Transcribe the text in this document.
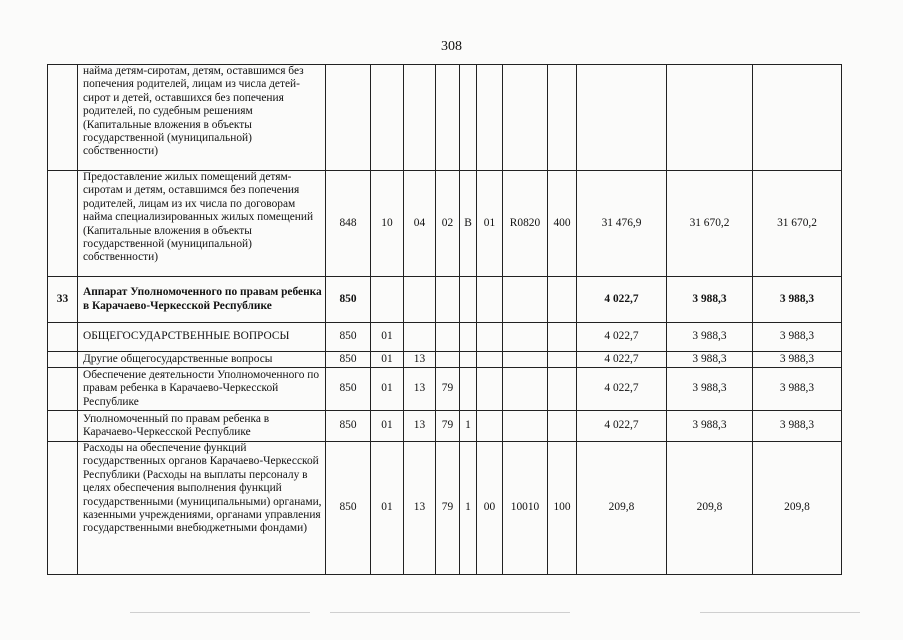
308
	найма детям-сиротам, детям, оставшимся без попечения родителей, лицам из числа детей-сирот и детей, оставшихся без попечения родителей, по судебным решениям (Капитальные вложения в объекты государственной (муниципальной) собственности)											
	Предоставление жилых помещений детям-сиротам и детям, оставшимся без попечения родителей, лицам из их числа по договорам найма специализированных жилых помещений (Капитальные вложения в объекты государственной (муниципальной) собственности)	848	10	04	02	В	01	R0820	400	31 476,9	31 670,2	31 670,2
33	Аппарат Уполномоченного по правам ребенка в Карачаево-Черкесской Республике	850								4 022,7	3 988,3	3 988,3
	ОБЩЕГОСУДАРСТВЕННЫЕ ВОПРОСЫ	850	01							4 022,7	3 988,3	3 988,3
	Другие общегосударственные вопросы	850	01	13						4 022,7	3 988,3	3 988,3
	Обеспечение деятельности Уполномоченного по правам ребенка в Карачаево-Черкесской Республике	850	01	13	79					4 022,7	3 988,3	3 988,3
	Уполномоченный по правам ребенка в Карачаево-Черкесской Республике	850	01	13	79	1				4 022,7	3 988,3	3 988,3
	Расходы на обеспечение функций государственных органов Карачаево-Черкесской Республики (Расходы на выплаты персоналу в целях обеспечения выполнения функций государственными (муниципальными) органами, казенными учреждениями, органами управления государственными внебюджетными фондами)	850	01	13	79	1	00	10010	100	209,8	209,8	209,8
